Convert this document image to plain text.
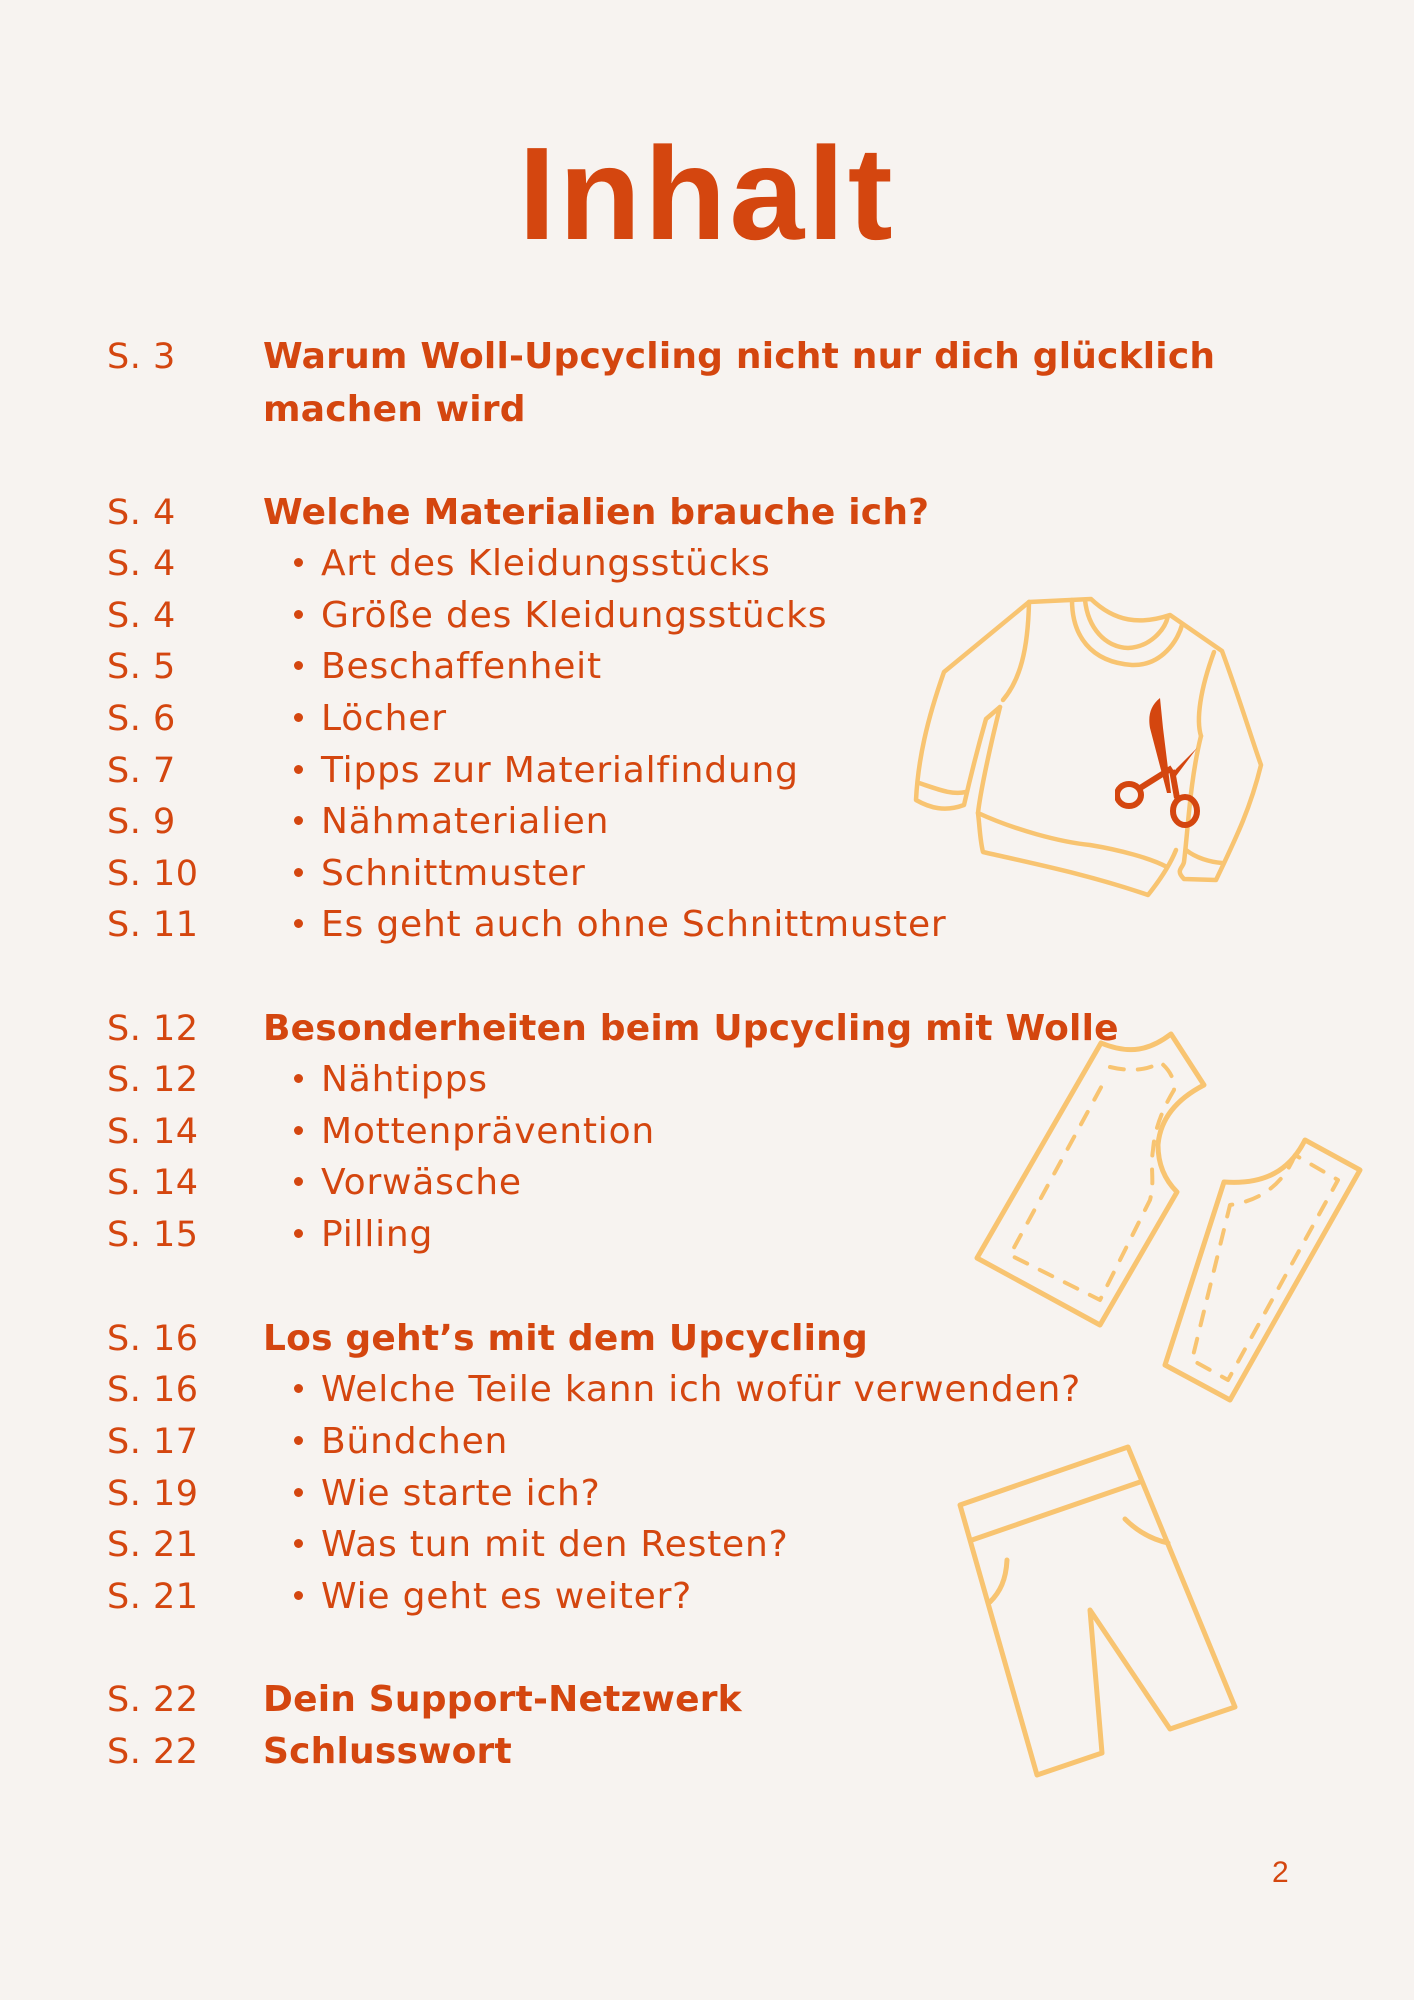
Inhalt
S. 3 Warum Woll-Upcycling nicht nur dich glücklich
machen wird
S. 4 Welche Materialien brauche ich?
S. 4	Art des Kleidungsstücks
S. 4	Größe des Kleidungsstücks
S. 5	Beschaffenheit
S. 6	Löcher
S. 7	Tipps zur Materialfindung
S. 9	Nähmaterialien
S. 10	Schnittmuster
S. 11	Es geht auch ohne Schnittmuster
S. 12 Besonderheiten beim Upcycling mit Wolle
S. 12	Nähtipps
S. 14	Mottenprävention
S. 14	Vorwäsche
S. 15	Pilling
S. 16 Los geht’s mit dem Upcycling
S. 16	Welche Teile kann ich wofür verwenden?
S. 17	Bündchen
S. 19	Wie starte ich?
S. 21	Was tun mit den Resten?
S. 21	Wie geht es weiter?
S. 22 Dein Support-Netzwerk
S. 22 Schlusswort
2
